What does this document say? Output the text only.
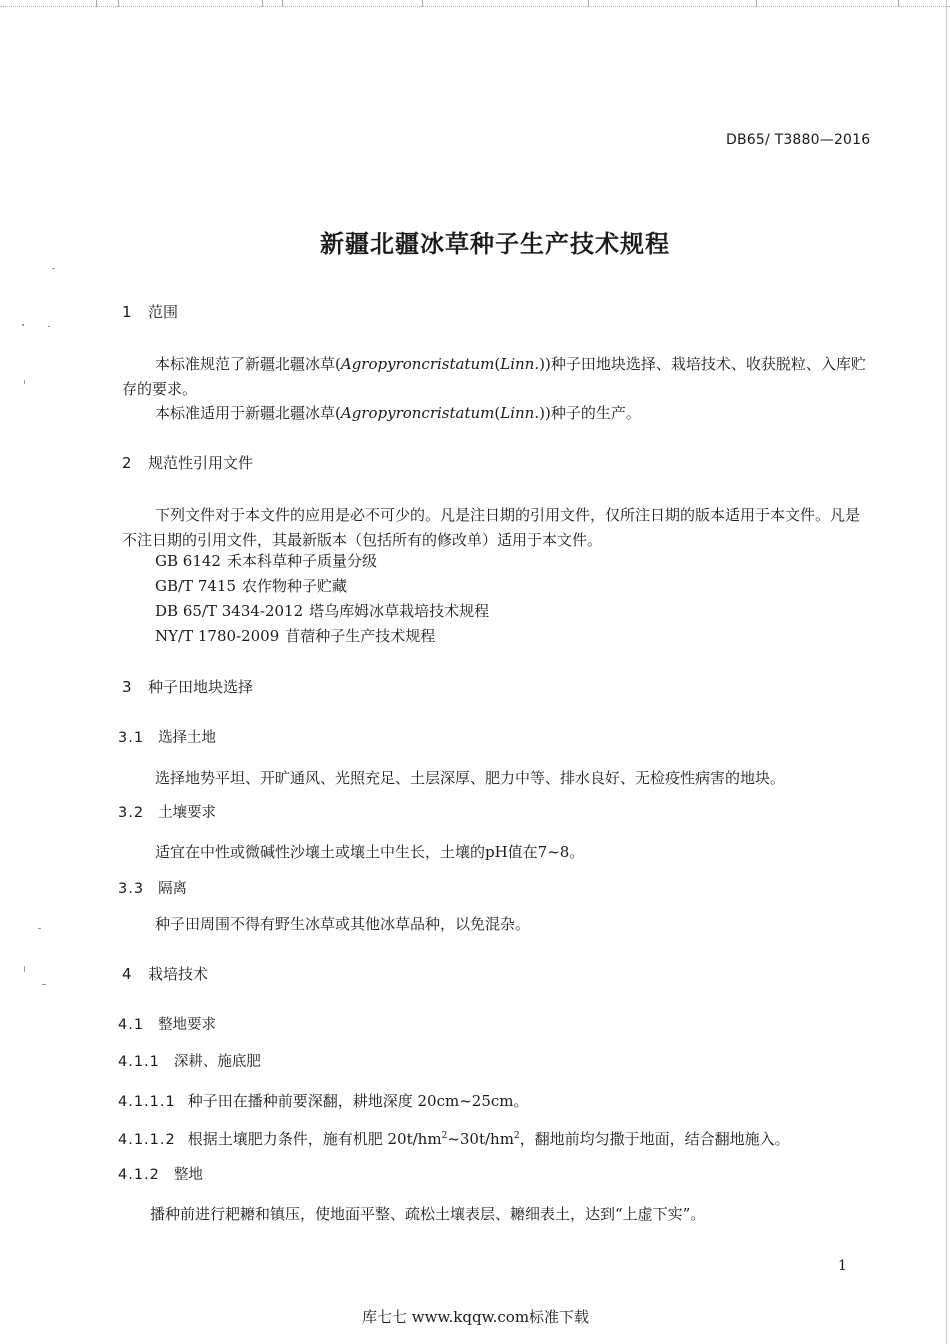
DB65/ T3880—2016
新疆北疆冰草种子生产技术规程
1 范围
本标准规范了新疆北疆冰草(Agropyroncristatum(Linn.))种子田地块选择、栽培技术、收获脱粒、入库贮存的要求。
本标准适用于新疆北疆冰草(Agropyroncristatum(Linn.))种子的生产。
2 规范性引用文件
下列文件对于本文件的应用是必不可少的。凡是注日期的引用文件，仅所注日期的版本适用于本文件。凡是不注日期的引用文件，其最新版本（包括所有的修改单）适用于本文件。
GB 6142 禾本科草种子质量分级
GB/T 7415 农作物种子贮藏
DB 65/T 3434-2012 塔乌库姆冰草栽培技术规程
NY/T 1780-2009 苜蓿种子生产技术规程
3 种子田地块选择
3.1 选择土地
选择地势平坦、开旷通风、光照充足、土层深厚、肥力中等、排水良好、无检疫性病害的地块。
3.2 土壤要求
适宜在中性或微碱性沙壤土或壤土中生长，土壤的pH值在7~8。
3.3 隔离
种子田周围不得有野生冰草或其他冰草品种，以免混杂。
4 栽培技术
4.1 整地要求
4.1.1 深耕、施底肥
4.1.1.1 种子田在播种前要深翻，耕地深度 20cm~25cm。
4.1.1.2 根据土壤肥力条件，施有机肥 $20t/hm^2\sim 30t/hm^2$，翻地前均匀撒于地面，结合翻地施入。
4.1.2 整地
播种前进行耙耱和镇压，使地面平整、疏松土壤表层、耱细表土，达到“上虚下实”。
1
库七七 www.kqqw.com标准下载
